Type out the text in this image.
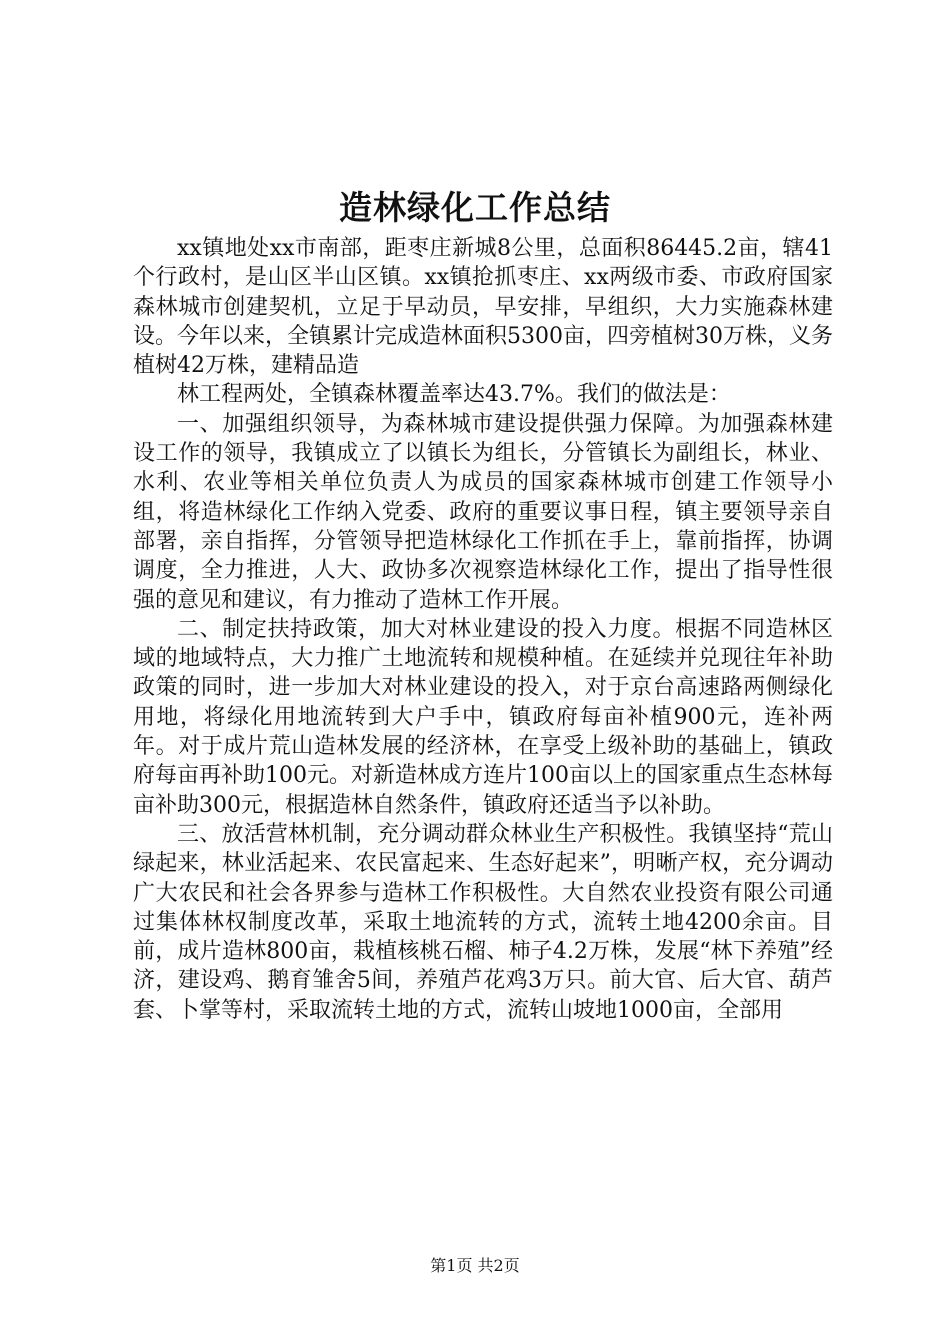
造林绿化工作总结

xx镇地处xx市南部，距枣庄新城8公里，总面积86445.2亩，辖41个行政村，是山区半山区镇。xx镇抢抓枣庄、xx两级市委、市政府国家森林城市创建契机，立足于早动员，早安排，早组织，大力实施森林建设。今年以来，全镇累计完成造林面积5300亩，四旁植树30万株，义务植树42万株，建精品造

林工程两处，全镇森林覆盖率达43.7%。我们的做法是：

一、加强组织领导，为森林城市建设提供强力保障。为加强森林建设工作的领导，我镇成立了以镇长为组长，分管镇长为副组长，林业、水利、农业等相关单位负责人为成员的国家森林城市创建工作领导小组，将造林绿化工作纳入党委、政府的重要议事日程，镇主要领导亲自部署，亲自指挥，分管领导把造林绿化工作抓在手上，靠前指挥，协调调度，全力推进，人大、政协多次视察造林绿化工作，提出了指导性很强的意见和建议，有力推动了造林工作开展。

二、制定扶持政策，加大对林业建设的投入力度。根据不同造林区域的地域特点，大力推广土地流转和规模种植。在延续并兑现往年补助政策的同时，进一步加大对林业建设的投入，对于京台高速路两侧绿化用地，将绿化用地流转到大户手中，镇政府每亩补植900元，连补两年。对于成片荒山造林发展的经济林，在享受上级补助的基础上，镇政府每亩再补助100元。对新造林成方连片100亩以上的国家重点生态林每亩补助300元，根据造林自然条件，镇政府还适当予以补助。

三、放活营林机制，充分调动群众林业生产积极性。我镇坚持“荒山绿起来，林业活起来、农民富起来、生态好起来”，明晰产权，充分调动广大农民和社会各界参与造林工作积极性。大自然农业投资有限公司通过集体林权制度改革，采取土地流转的方式，流转土地4200余亩。目前，成片造林800亩，栽植核桃石榴、柿子4.2万株，发展“林下养殖”经济，建设鸡、鹅育雏舍5间，养殖芦花鸡3万只。前大官、后大官、葫芦套、卜掌等村，采取流转土地的方式，流转山坡地1000亩，全部用

第1页 共2页
